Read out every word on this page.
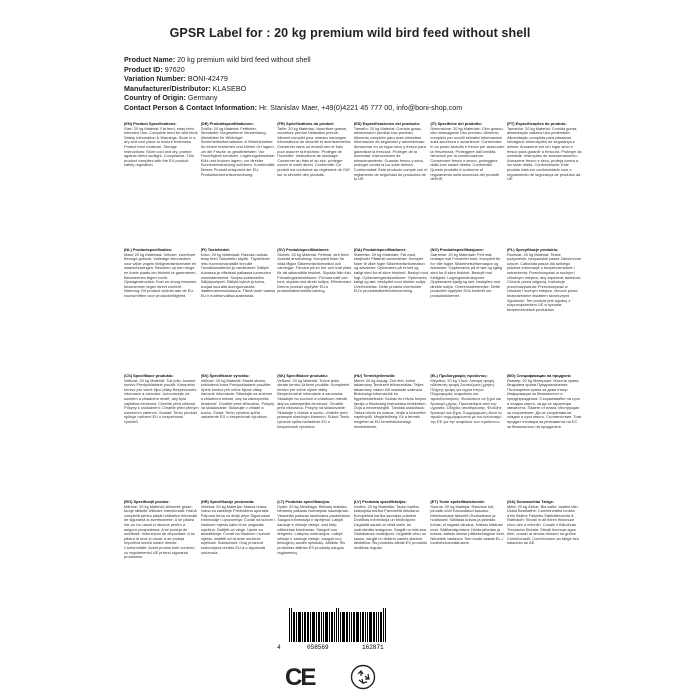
GPSR Label for : 20 kg premium wild bird feed without shell
Product Name: 20 kg premium wild bird feed without shell
Product ID: 97620
Variation Number: BONI-42479
Manufacturer/Distributor: KLASEBO
Country of Origin: Germany
Contact Person & Contact Information: Hr. Stanislav Maer, +49(0)4221 45 777 00, info@boni-shop.com
(EN) Product Specifications:
Size: 20 kg Material: Fat feed, stray feed Intended Use: Complete feed for wild birds Safety Information & Warnings: Store in a dry and cool place to ensure freshness. Protect from moisture. Storage Instructions: Store cool and dry, protect against direct sunlight. Compliance: This product complies with the EU product safety regulation.
(DE) Produktspezifikationen:
Größe: 20 kg Material: Fettfutter, Streufutter Vorgesehene Verwendung: Alleinfutter für Wildvögel Sicherheitsinformationen & Warnhinweise: An einem trockenen und kühlen Ort lagern, um die Frische zu gewährleisten. Vor Feuchtigkeit schützen. Lagerungshinweise: Kühl und trocken lagern, vor direkter Sonneneinstrahlung schützen. Konformität: Dieses Produkt entspricht der EU-Produktsicherheitsverordnung.
(FR) Spécifications du produit:
Taille: 20 kg Matériau: Nourriture grasse, nourriture perdue Utilisation prévue: Aliment complet pour oiseaux sauvages Informations de sécurité et avertissements: Conserver dans un endroit sec et frais pour assurer la fraîcheur. Protéger de l'humidité. Instructions de stockage: Conserver au frais et au sec, protéger contre le soleil direct. Conformité: Ce produit est conforme au règlement de l'UE sur la sécurité des produits.
(ES) Especificaciones del producto:
Tamaño: 20 kg Material: Comida grasa, alimentación perdida Uso previsto: Alimento completo para aves silvestres Información de seguridad y advertencias: Almacenar en un lugar seco y fresco para garantizar la frescura. Proteger de la humedad. Instrucciones de almacenamiento: Guardar fresco y seco, proteger contra la luz solar directa. Conformidad: Este producto cumple con el reglamento de seguridad de productos de la UE.
(IT) Specifiche del prodotto:
Dimensione: 20 kg Materiale: Cibo grasso, cibo stravagante Uso previsto: Alimento completo per uccelli selvatici Informazioni sulla sicurezza e avvertenze: Conservare in un posto asciutto e fresco per assicurare la freschezza. Proteggere dall'umidità. Istruzioni per la conservazione: Conservare fresco e secco, proteggere dalla luce solare diretta. Conformità: Questo prodotto è conforme al regolamento sulla sicurezza dei prodotti dell'UE.
(PT) Especificações do produto:
Tamanho: 20 kg Material: Comida gorda, alimentação rasteira Uso pretendido: Alimentação completa para pássaros selvagens Informações de segurança e avisos: Armazene em um lugar seco e fresco para garantir a frescura. Proteger da umidade. Instruções de armazenamento: Armazene fresco e seco, proteja contra a luz solar direta. Conformidade: Este produto está em conformidade com o regulamento de segurança de produtos da UE.
(NL) Productspecificaties:
Maat: 20 kg Materiaal: Vetvoer, zwerfvoer Beoogd gebruik: Volledige diervoeders voor wilde vogels Veiligheidsinformatie en waarschuwingen: Bewaren op een droge en koele plaats om frisheid te garanderen. Beschermen tegen vocht. Opslaginstructies: Koel en droog bewaren, beschermen tegen direct zonlicht. Naleving: Dit product voldoet aan de EU-voorschriften voor productveiligheid.
(FI) Tuotetiedot:
Koko: 20 kg Materiaali: Rasvaa ruokaa, stray feed Tarkoitettu käyttö: Täydellinen rehu luonnonvaraisille linnuille Turvallisuustiedot ja varoitukset: Säilytä kuivassa ja viileässä paikassa tuoreuden varmistamiseksi. Suojaa kosteudelta. Säilytysohjeet: Säilytä kylmä ja kuiva, suojaa suoralta auringonvalolta. Vaatimustenmukaisuus: Tämä tuote vastaa EU:n tuoteturvallisuusasetusta.
(SV) Produktspecifikationer:
Storlek: 20 kg Material: Fettmat, strö feed Avsedd användning: Komplett foder för vilda fåglar Säkerhetsinformation och varningar: Förvara på en torr och sval plats för att säkerställa friskhet. Skydda från fukt. Förvaringsinstruktioner: Förvara kallt och torrt, skydda mot direkt solljus. Efterlevnad: Denna produkt uppfyller EU:s produktsäkerhetsförordning.
(DA) Produktspecifikationer:
Størrelse: 20 kg Materiale: Fat mad, strejfoder Påtænkt anvendelse: Komplet foder til vilde fugle Sikkerhedsinformation og advarsler: Opbevares på et tørt og køligt sted for at sikre friskhed. Beskyt mod fugt. Opbevaringsinstruktioner: Opbevares køligt og tørt, beskyttet mod direkte sollys. Overholdelse: Dette produkt overholder EU's produktsikkerhedsforordning.
(NO) Produktspesifikasjoner:
Størrelse: 20 kg Materiale: Fett mat, bortløpt mat Forventet bruk: Komplett fôr for ville fugler Sikkerhetsinformasjon og advarsler: Oppbevares på et tørt og kjølig sted for å sikre friskhet. Beskytt mot fuktighet. Lagringsinstruksjoner: Oppbevares kjølig og tørt, beskyttes mot direkte sollys. Overensstemmelse: Dette produktet oppfyller EUs forskrift om produktsikkerhet.
(PL) Specyfikacje produktu:
Rozmiar: 20 kg Materiał: Tłuste pożywienie, bezpańskie pasze Zamierzone użycie: Całkowita pasza dla dzikiego ptactwa Informacje o bezpieczeństwie i ostrzeżenia: Przechowywać w suchym i chłodnym miejscu, aby zapewnić świeżość. Chronić przed wilgocią. Instrukcje przechowywania: Przechowywać w chłodzie i suchym miejscu, chronić przed bezpośrednim światłem słonecznym. Zgodność: Ten produkt jest zgodny z rozporządzeniem UE w sprawie bezpieczeństwa produktów.
(CS) Specifikace produktu:
Velikost: 20 kg Materiál: Tuk jídlo, toulavé krmivo Předpokládané použití: Kompletní krmivo pro volně žijící ptáky Bezpečnostní informace a varování: Uchovávejte na suchém a chladném místě, aby byla zajištěna čerstvost. Chraňte před vlhkostí. Pokyny k uskladnění: Chraňte před přímým slunečním zářením. Soulad: Tento produkt splňuje nařízení EU o bezpečnosti výrobků.
(SK) Špecifikácie výrobku:
Veľkosť: 20 kg Materiál: Mastá strava, zablúdená krma Predpokladané použitie: Úplné krmivo pre voľne žijúce vtáky Varovné informácie: Skladujte na suchom a chladnom mieste, aby sa zabezpečila čerstvosť. Chráňte pred vlhkosťou. Pokyny na skladovanie: Skladujte v chlade a suchu. Súlad: Tento výrobok spĺňa nariadenie EÚ o bezpečnosti výrobkov.
(SK) Špecifikácie produktu:
Veľkosť: 20 kg Materiál: Tučné jedlo, zbraté krmivo Určené použitie: Kompletné krmivo pre voľne žijúce vtáky Bezpečnostné informácie a varovania: Skladujte na suchom a chladnom mieste, aby sa zabezpečila čerstvosť. Chráňte pred vlhkosťou. Pokyny na skladovanie: Skladujte v chlade a suchu, chráňte pred priamym slnečným žiarením. Súlad: Tento výrobok spĺňa nariadenie EÚ o bezpečnosti výrobkov.
(HU) Termékjellemzők:
Méret: 20 kg Anyag: Zsír étel, kóbor takarmány Tervezett felhasználás: Teljes takarmány vadon élő madarak számára Biztonsági információk és figyelmeztetések: Száraz és hűvös helyen tárolja a frissesség biztosítása érdekében. Óvja a nedvességtől. Tárolási utasítások: Tartsa hűvös és száraz, védje a közvetlen napfénytől. Megfelelőség: Ez a termék megfelel az EU termékbiztonsági rendeletének.
(EL) Προδιαγραφές προϊόντος:
Μέγεθος: 20 kg Υλικό: Λιπαρή τροφή, αδέσποτη τροφή Σκοπούμενη χρήση: Πλήρης τροφή για άγρια πτηνά Πληροφορίες ασφαλείας και προειδοποιήσεις: Φυλάσσετε σε ξηρό και δροσερό μέρος. Προστατέψτε από την υγρασία. Οδηγίες αποθήκευσης: Φυλάξτε δροσερό και ξηρό. Συμμόρφωση: Αυτό το προϊόν συμμορφώνεται με τον κανονισμό της ΕΕ για την ασφάλεια των προϊόντων.
(BG) Спецификации на продукта:
Размер: 20 kg Материал: Мастна храна, бездомна храна Предназначение: Пълноценна храна за диви птици Информация за безопасност и предупреждения: Съхранявайте на сухо и хладно място, за да се гарантира свежестта. Пазете от влага. Инструкции за съхранение: Да се съхранява на хладно и сухо място. Съответствие: Този продукт отговаря на регламента на ЕС за безопасност на продуктите.
(RO) Specificații produs:
Mărime: 20 kg Material: Alimente grase, furaje rătăcite Utilizare intenționată: Hrană completă pentru păsări sălbatice Informații de siguranță și avertismente: A se păstra într-un loc uscat și răcoros pentru a asigura prospețimea. A se proteja de umiditate. Instrucțiuni de depozitare: A se păstra la rece și uscat, a se proteja împotriva luminii solare directe. Conformitate: Acest produs este conform cu regulamentul UE privind siguranța produselor.
(HR) Specifikacije proizvoda:
Veličina: 20 kg Materijal: Masna hrana, hrana za zaskitnje Predviđena uporaba: Potpuna krma za divlje ptice Sigurnosne informacije i upozorenja: Čuvati na suhom i hladnom mjestu kako bi se osigurala svježina. Zaštititi od vlage. Upute za skladištenje: Čuvati na hladnom i suhom mjestu, zaštititi od izravne sunčeve svjetlosti. Sukladnost: Ovaj proizvod zadovoljava uredbu EU-a o sigurnosti proizvoda.
(LT) Produkto specifikacijos:
Dydis: 20 kg Medžiaga: Riebalų maistas, benamių pašaras Numatytas naudojimas: Visavertis pašaras laukiniams paukščiams Saugos informacija ir įspėjimai: Laikyti sausoje ir vėsioje vietoje, kad būtų užtikrintas šviežumas. Saugoti nuo drėgmės. Laikymo instrukcijos: Laikyti vėsioje ir sausoje vietoje, saugoti nuo tiesioginių saulės spindulių. Atitiktis: Šis produktas atitinka ES produktų saugos reglamentą.
(LV) Produkta specifikācijas:
Izmērs: 20 kg Materiāls: Tauku barība, klaiņojoša barība Paredzētā lietošana: Kompleksā barība savvaļas putniem Drošības informācija un brīdinājumi: Uzglabāt sausā un vēsā vietā, lai nodrošinātu svaigumu. Sargāt no mitruma. Glabāšanas norādījumi: Uzglabāt vēsu un sausu, sargāt no tiešiem saules stariem. Atbilstība: Šis produkts atbilst ES produktu drošības regulai.
(ET) Toote spetsifikatsioonid:
Suurus: 20 kg Materjal: Rasvane toit, juhuslik sööt Kavandatud kasutus: Metsloomade täissööt Ohutusteave ja hoiatused: Säilitada kuivas ja jahedas kohas, et tagada värskus. Kaitsta niiskuse eest. Säilitamisjuhised: Hoida jahedas ja kuivas, kaitsta otsese päikesevalguse eest. Nõuetele vastavus: See toode vastab EL-i tooteohutusmäärusele.
(GA) Sonraíochtaí Táirge:
Méid: 20 kg Ábhar: Bia saille, beatha fáin Úsáid Beartaithe: Comhbheatha iomlán d'éin fhiáine Faisnéis Sábháilteachta & Rabhaidh: Stóráil in áit thirim fhionnuar chun úire a chinntiú. Cosain ó fhliuchras. Treoracha Stórála: Stóráil fionnuar agus tirim, cosain ar sholas díreach na gréine. Comhlíonadh: Comhlíonann an táirge seo rialachán an AE.
4	058569	162871
CE
